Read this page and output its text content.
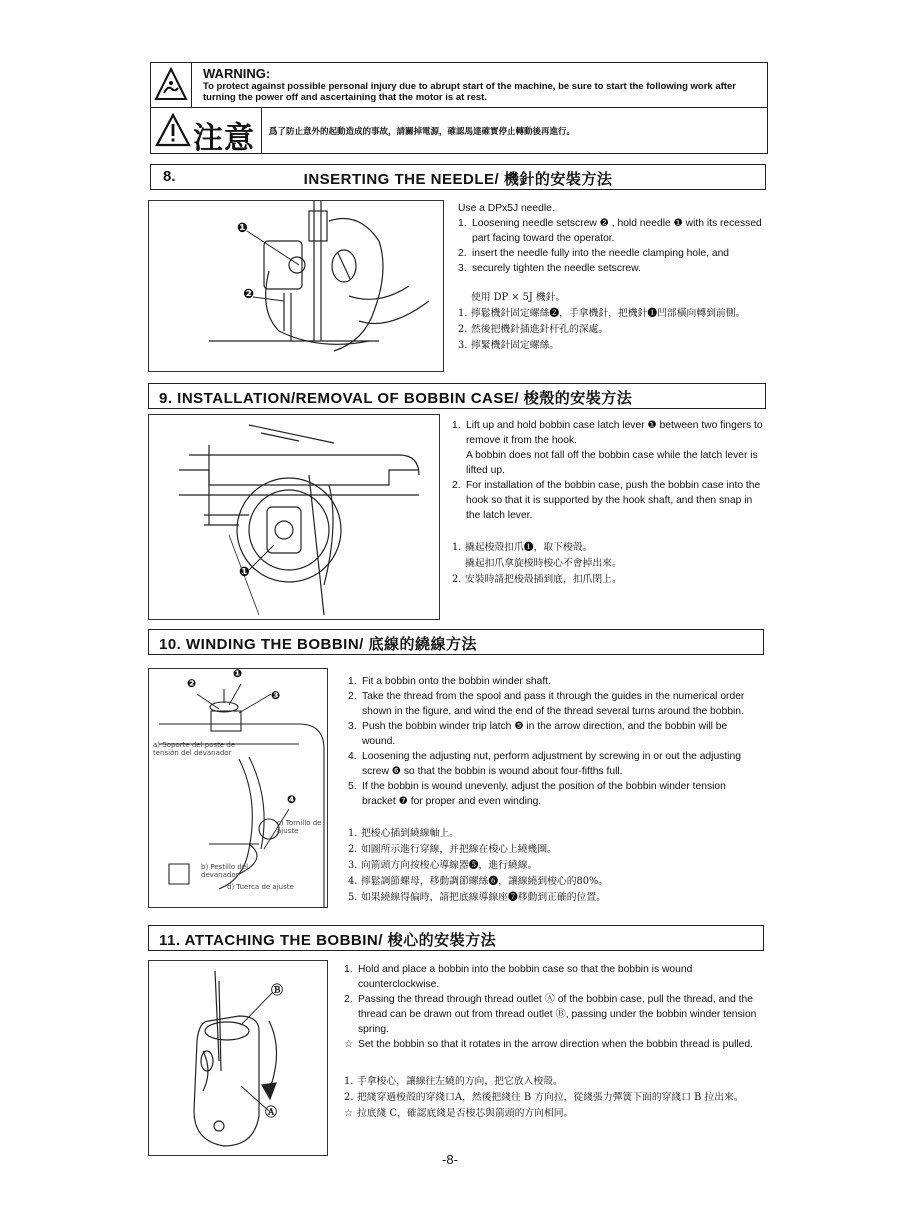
WARNING:
To protect against possible personal injury due to abrupt start of the machine, be sure to start the following work after turning the power off and ascertaining that the motor is at rest.
注意 爲了防止意外的起動造成的事故，請關掉電源，確認馬達確實停止轉動後再進行。
8.	INSERTING THE NEEDLE/ 機針的安裝方法
❶
❷
Use a DPx5J needle.
1. Loosening needle setscrew ❷ , hold needle ❶ with its recessed part facing toward the operator.
2. insert the needle fully into the needle clamping hole, and
3. securely tighten the needle setscrew.
使用 DP × 5J 機針。
1. 擰鬆機針固定螺絲❷，手拿機針，把機針❶凹部橫向轉到前側。
2. 然後把機針插進針杆孔的深處。
3. 擰緊機針固定螺絲。
9. INSTALLATION/REMOVAL OF BOBBIN CASE/ 梭殼的安裝方法
❶
1. Lift up and hold bobbin case latch lever ❶ between two fingers to remove it from the hook.
A bobbin does not fall off the bobbin case while the latch lever is lifted up.
2. For installation of the bobbin case, push the bobbin case into the hook so that it is supported by the hook shaft, and then snap in the latch lever.
1. 撬起梭殼扣爪❶，取下梭殼。
撬起扣爪拿旋梭時梭心不會掉出來。
2. 安裝時請把梭殼插到底，扣爪閉上。
10. WINDING THE BOBBIN/ 底線的繞線方法
❷
❶
❸
❹
a) Soporte del poste de tensión del devanador
c) Tornillo de ajuste
b) Pestillo del devanador
d) Tuerca de ajuste
1. Fit a bobbin onto the bobbin winder shaft.
2. Take the thread from the spool and pass it through the guides in the numerical order shown in the figure, and wind the end of the thread several turns around the bobbin.
3. Push the bobbin winder trip latch ❺ in the arrow direction, and the bobbin will be wound.
4. Loosening the adjusting nut, perform adjustment by screwing in or out the adjusting screw ❻ so that the bobbin is wound about four-fifths full.
5. If the bobbin is wound unevenly, adjust the position of the bobbin winder tension bracket ❼ for proper and even winding.
1. 把梭心插到繞線軸上。
2. 如圖所示進行穿線，并把線在梭心上繞幾圈。
3. 向箭頭方向按梭心導線器❺，進行繞線。
4. 擰鬆調節螺母，移動調節螺絲❻，讓線繞到梭心的80%。
5. 如果繞線得偏時，請把底線導線座❼移動到正確的位置。
11. ATTACHING THE BOBBIN/ 梭心的安裝方法
Ⓑ
Ⓐ
1. Hold and place a bobbin into the bobbin case so that the bobbin is wound counterclockwise.
2. Passing the thread through thread outlet Ⓐ of the bobbin case, pull the thread, and the thread can be drawn out from thread outlet Ⓑ, passing under the bobbin winder tension spring.
☆ Set the bobbin so that it rotates in the arrow direction when the bobbin thread is pulled.
1. 手拿梭心，讓線往左繞的方向，把它放入梭殼。
2. 把綫穿過梭殻的穿綫口A，然後把綫往 B 方向拉，從綫張力彈簧下面的穿綫口 B 拉出來。
☆ 拉底綫 C，確認底綫是否梭芯與箭頭的方向相同。
-8-
